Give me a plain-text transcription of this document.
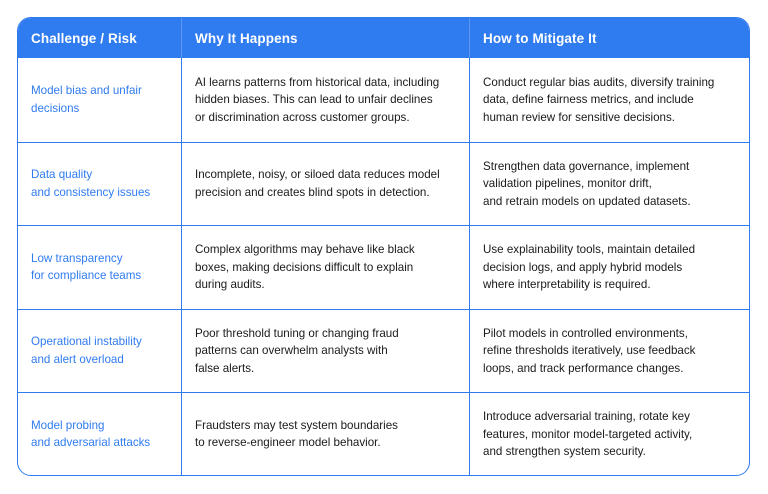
Challenge / Risk	Why It Happens	How to Mitigate It
Model bias and unfair
decisions
AI learns patterns from historical data, including
hidden biases. This can lead to unfair declines
or discrimination across customer groups.
Conduct regular bias audits, diversify training
data, define fairness metrics, and include
human review for sensitive decisions.
Data quality
and consistency issues
Incomplete, noisy, or siloed data reduces model
precision and creates blind spots in detection.
Strengthen data governance, implement
validation pipelines, monitor drift,
and retrain models on updated datasets.
Low transparency
for compliance teams
Complex algorithms may behave like black
boxes, making decisions difficult to explain
during audits.
Use explainability tools, maintain detailed
decision logs, and apply hybrid models
where interpretability is required.
Operational instability
and alert overload
Poor threshold tuning or changing fraud
patterns can overwhelm analysts with
false alerts.
Pilot models in controlled environments,
refine thresholds iteratively, use feedback
loops, and track performance changes.
Model probing
and adversarial attacks
Fraudsters may test system boundaries
to reverse-engineer model behavior.
Introduce adversarial training, rotate key
features, monitor model-targeted activity,
and strengthen system security.
